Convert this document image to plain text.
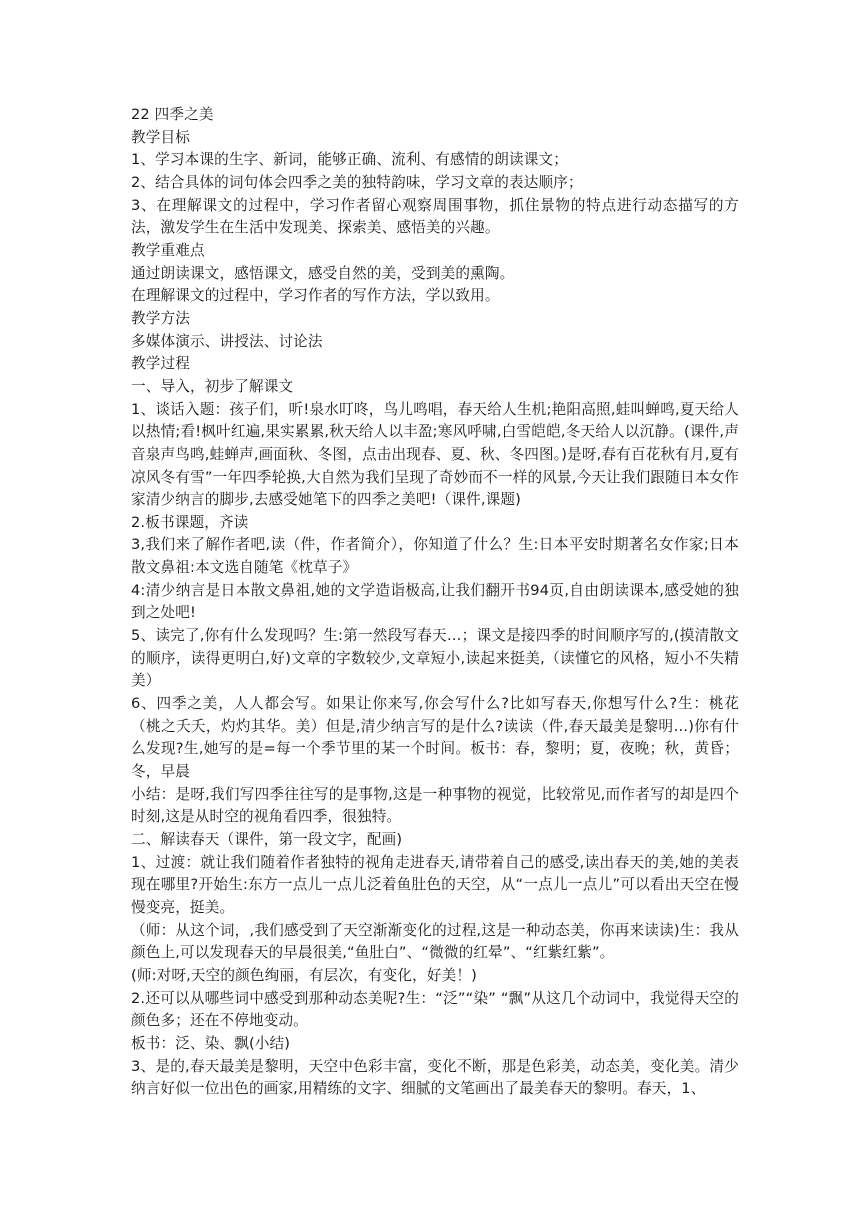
22 四季之美

教学目标

1、学习本课的生字、新词，能够正确、流利、有感情的朗读课文；

2、结合具体的词句体会四季之美的独特韵味，学习文章的表达顺序；

3、在理解课文的过程中，学习作者留心观察周围事物，抓住景物的特点进行动态描写的方法，激发学生在生活中发现美、探索美、感悟美的兴趣。

教学重难点

通过朗读课文，感悟课文，感受自然的美，受到美的熏陶。

在理解课文的过程中，学习作者的写作方法，学以致用。

教学方法

多媒体演示、讲授法、讨论法

教学过程

一、导入，初步了解课文

1、谈话入题：孩子们，听!泉水叮咚，鸟儿鸣唱，春天给人生机;艳阳高照,蛙叫蝉鸣,夏天给人以热情;看!枫叶红遍,果实累累,秋天给人以丰盈;寒风呼啸,白雪皑皑,冬天给人以沉静。(课件,声音泉声鸟鸣,蛙蝉声,画面秋、冬图，点击出现春、夏、秋、冬四图。)是呀,春有百花秋有月,夏有凉风冬有雪”一年四季轮换,大自然为我们呈现了奇妙而不一样的风景,今天让我们跟随日本女作家清少纳言的脚步,去感受她笔下的四季之美吧!（课件,课题)

2.板书课题，齐读

3,我们来了解作者吧,读（件，作者简介），你知道了什么？生:日本平安时期著名女作家;日本散文鼻祖:本文选自随笔《枕草子》

4:清少纳言是日本散文鼻祖,她的文学造诣极高,让我们翻开书94页,自由朗读课本,感受她的独到之处吧!

5、读完了,你有什么发现吗？生:第一然段写春天…；课文是接四季的时间顺序写的,(摸清散文的顺序，读得更明白,好)文章的字数较少,文章短小,读起来挺美,（读懂它的风格，短小不失精美）

6、四季之美，人人都会写。如果让你来写,你会写什么?比如写春天,你想写什么?生：桃花（桃之夭夭，灼灼其华。美）但是,清少纳言写的是什么?读读（件,春天最美是黎明…)你有什么发现?生,她写的是=每一个季节里的某一个时间。板书：春，黎明；夏，夜晚；秋，黄昏；冬，早晨

小结：是呀,我们写四季往往写的是事物,这是一种事物的视觉，比较常见,而作者写的却是四个时刻,这是从时空的视角看四季，很独特。

二、解读春天（课件，第一段文字，配画)

1、过渡：就让我们随着作者独特的视角走进春天,请带着自己的感受,读出春天的美,她的美表现在哪里?开始生:东方一点儿一点儿泛着鱼肚色的天空，从“一点儿一点儿”可以看出天空在慢慢变亮，挺美。

（师：从这个词，,我们感受到了天空渐渐变化的过程,这是一种动态美，你再来读读)生：我从颜色上,可以发现春天的早晨很美,“鱼肚白”、“微微的红晕”、“红紫红紫”。

(师:对呀,天空的颜色绚丽，有层次，有变化，好美！)

2.还可以从哪些词中感受到那种动态美呢?生：“泛”“染” “飘”从这几个动词中，我觉得天空的颜色多；还在不停地变动。

板书：泛、染、飘(小结)

3、是的,春天最美是黎明，天空中色彩丰富，变化不断，那是色彩美，动态美，变化美。清少纳言好似一位出色的画家,用精练的文字、细腻的文笔画出了最美春天的黎明。春天，1、
